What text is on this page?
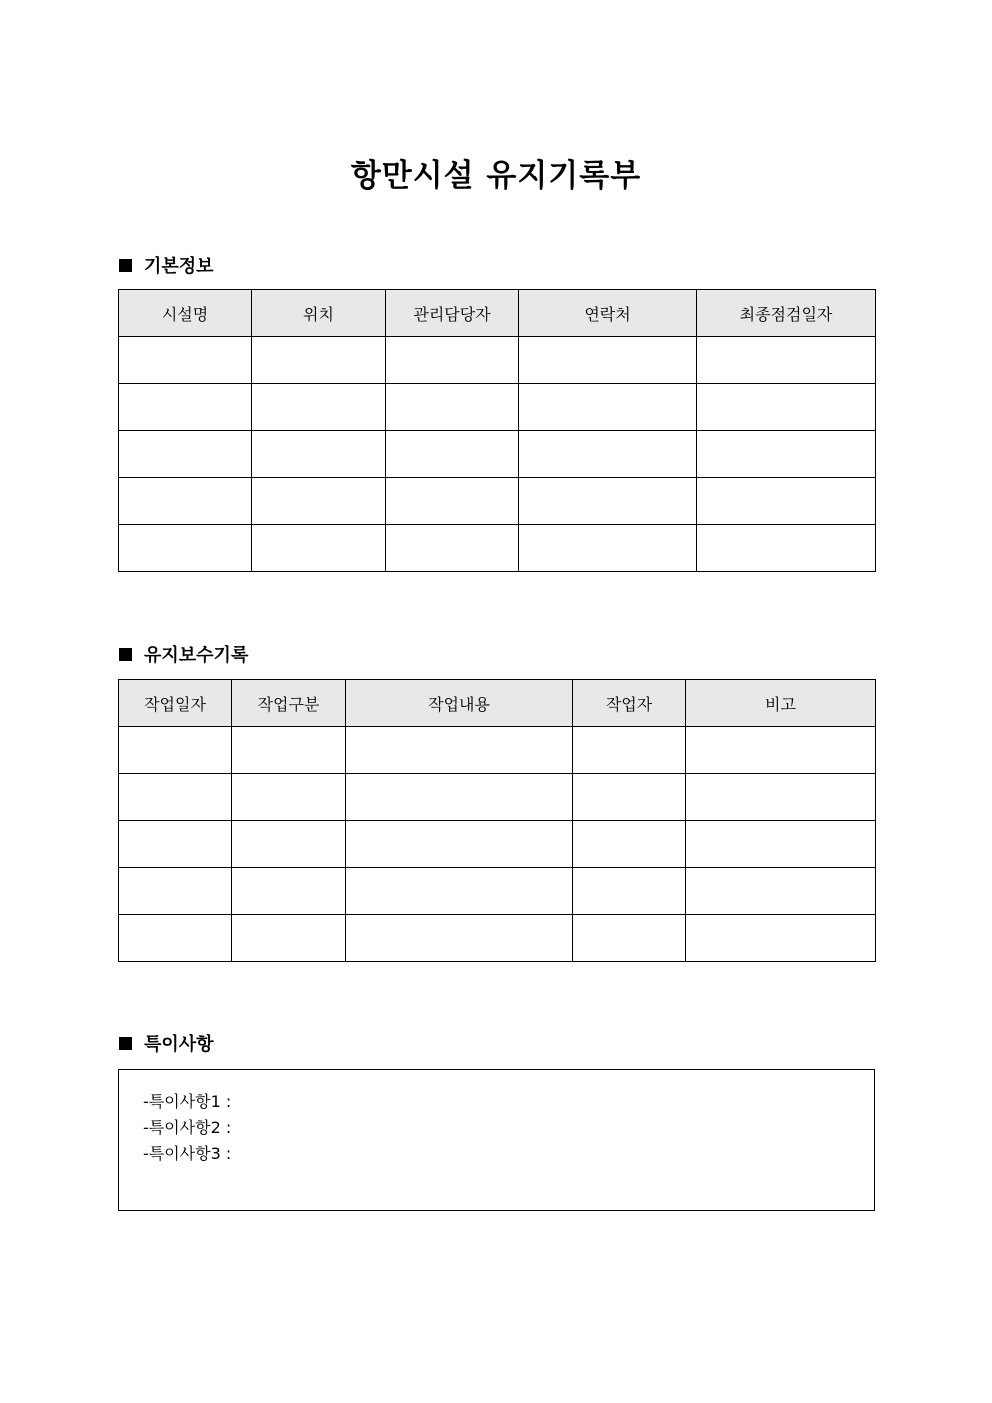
항만시설 유지기록부
기본정보
시설명	위치	관리담당자	연락처	최종점검일자

유지보수기록
작업일자	작업구분	작업내용	작업자	비고

특이사항
-특이사항1 :
-특이사항2 :
-특이사항3 :
